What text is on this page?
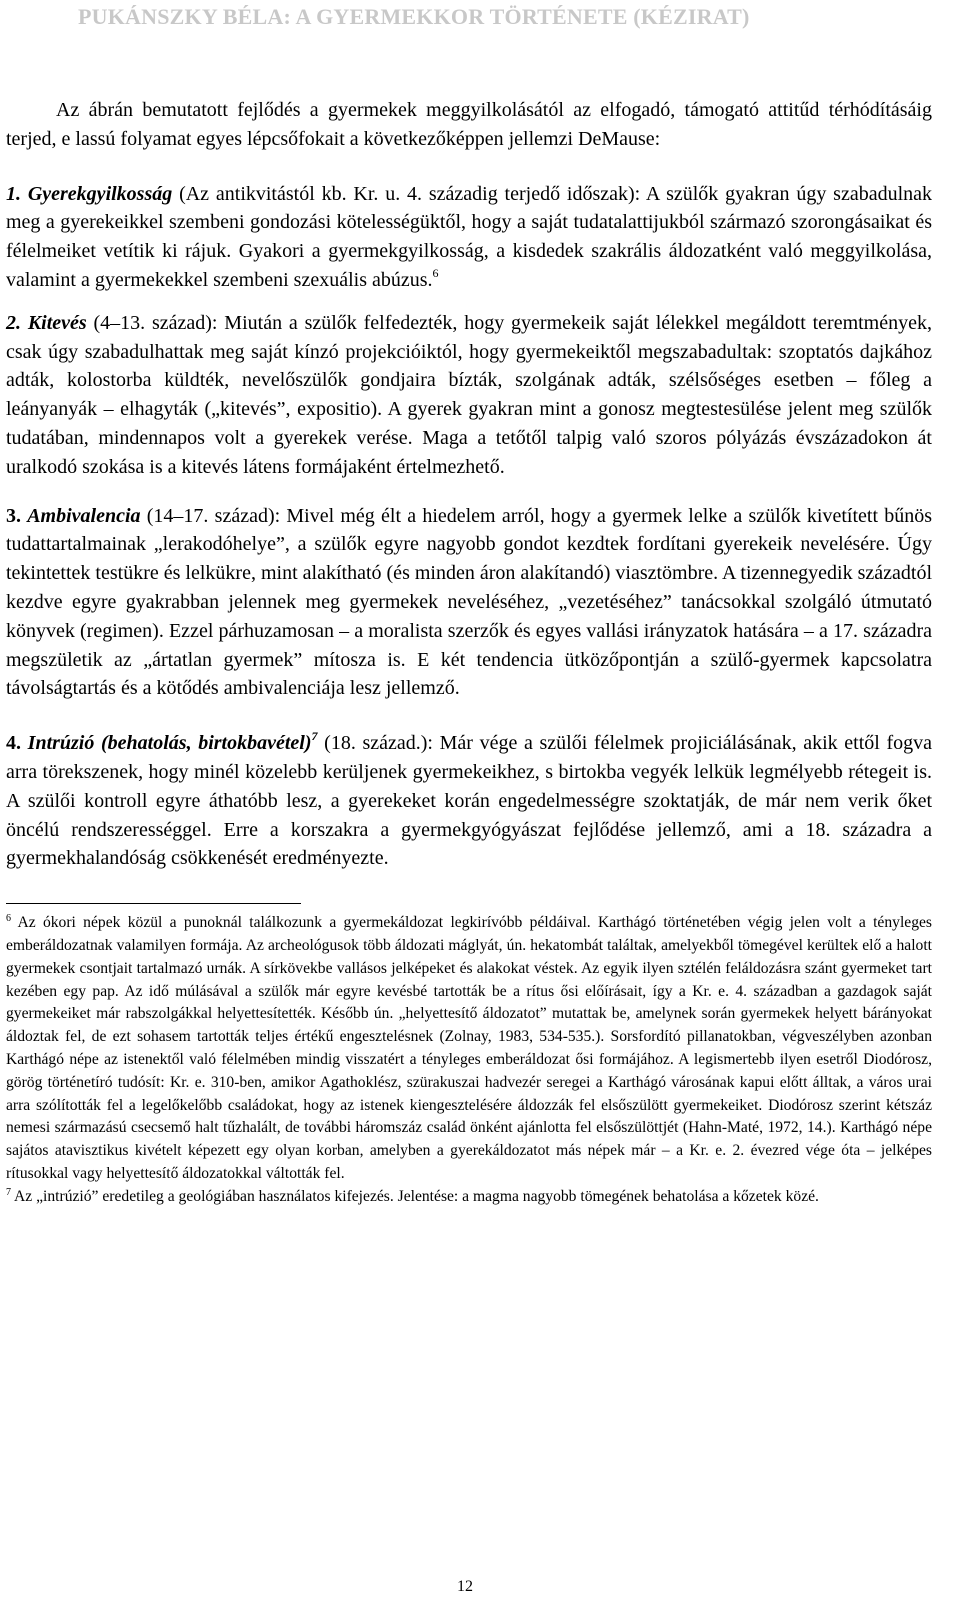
PUKÁNSZKY BÉLA: A GYERMEKKOR TÖRTÉNETE (KÉZIRAT)

Az ábrán bemutatott fejlődés a gyermekek meggyilkolásától az elfogadó, támogató attitűd térhódításáig terjed, e lassú folyamat egyes lépcsőfokait a következőképpen jellemzi DeMause:

1. Gyerekgyilkosság (Az antikvitástól kb. Kr. u. 4. századig terjedő időszak): A szülők gyakran úgy szabadulnak meg a gyerekeikkel szembeni gondozási kötelességüktől, hogy a saját tudatalattijukból származó szorongásaikat és félelmeiket vetítik ki rájuk. Gyakori a gyermekgyilkosság, a kisdedek szakrális áldozatként való meggyilkolása, valamint a gyermekekkel szembeni szexuális abúzus.$^6$

2. Kitevés (4–13. század): Miután a szülők felfedezték, hogy gyermekeik saját lélekkel megáldott teremtmények, csak úgy szabadulhattak meg saját kínzó projekcióiktól, hogy gyermekeiktől megszabadultak: szoptatós dajkához adták, kolostorba küldték, nevelőszülők gondjaira bízták, szolgának adták, szélsőséges esetben – főleg a leányanyák – elhagyták („kitevés”, expositio). A gyerek gyakran mint a gonosz megtestesülése jelent meg szülők tudatában, mindennapos volt a gyerekek verése. Maga a tetőtől talpig való szoros pólyázás évszázadokon át uralkodó szokása is a kitevés látens formájaként értelmezhető.

3. Ambivalencia (14–17. század): Mivel még élt a hiedelem arról, hogy a gyermek lelke a szülők kivetített bűnös tudattartalmainak „lerakodóhelye”, a szülők egyre nagyobb gondot kezdtek fordítani gyerekeik nevelésére. Úgy tekintettek testükre és lelkükre, mint alakítható (és minden áron alakítandó) viasztömbre. A tizennegyedik századtól kezdve egyre gyakrabban jelennek meg gyermekek neveléséhez, „vezetéséhez” tanácsokkal szolgáló útmutató könyvek (regimen). Ezzel párhuzamosan – a moralista szerzők és egyes vallási irányzatok hatására – a 17. századra megszületik az „ártatlan gyermek” mítosza is. E két tendencia ütközőpontján a szülő-gyermek kapcsolatra távolságtartás és a kötődés ambivalenciája lesz jellemző.

4. Intrúzió (behatolás, birtokbavétel)$^7$ (18. század.): Már vége a szülői félelmek projiciálásának, akik ettől fogva arra törekszenek, hogy minél közelebb kerüljenek gyermekeikhez, s birtokba vegyék lelkük legmélyebb rétegeit is. A szülői kontroll egyre áthatóbb lesz, a gyerekeket korán engedelmességre szoktatják, de már nem verik őket öncélú rendszerességgel. Erre a korszakra a gyermekgyógyászat fejlődése jellemző, ami a 18. századra a gyermekhalandóság csökkenését eredményezte.

$^6$ Az ókori népek közül a punoknál találkozunk a gyermekáldozat legkirívóbb példáival. Karthágó történetében végig jelen volt a tényleges emberáldozatnak valamilyen formája. Az archeológusok több áldozati máglyát, ún. hekatombát találtak, amelyekből tömegével kerültek elő a halott gyermekek csontjait tartalmazó urnák. A sírkövekbe vallásos jelképeket és alakokat véstek. Az egyik ilyen sztélén feláldozásra szánt gyermeket tart kezében egy pap. Az idő múlásával a szülők már egyre kevésbé tartották be a rítus ősi előírásait, így a Kr. e. 4. században a gazdagok saját gyermekeiket már rabszolgákkal helyettesítették. Később ún. „helyettesítő áldozatot” mutattak be, amelynek során gyermekek helyett bárányokat áldoztak fel, de ezt sohasem tartották teljes értékű engesztelésnek (Zolnay, 1983, 534-535.). Sorsfordító pillanatokban, végveszélyben azonban Karthágó népe az istenektől való félelmében mindig visszatért a tényleges emberáldozat ősi formájához. A legismertebb ilyen esetről Diodórosz, görög történetíró tudósít: Kr. e. 310-ben, amikor Agathoklész, szürakuszai hadvezér seregei a Karthágó városának kapui előtt álltak, a város urai arra szólították fel a legelőkelőbb családokat, hogy az istenek kiengesztelésére áldozzák fel elsőszülött gyermekeiket. Diodórosz szerint kétszáz nemesi származású csecsemő halt tűzhalált, de további háromszáz család önként ajánlotta fel elsőszülöttjét (Hahn-Maté, 1972, 14.). Karthágó népe sajátos atavisztikus kivételt képezett egy olyan korban, amelyben a gyerekáldozatot más népek már – a Kr. e. 2. évezred vége óta – jelképes rítusokkal vagy helyettesítő áldozatokkal váltották fel.

$^7$ Az „intrúzió” eredetileg a geológiában használatos kifejezés. Jelentése: a magma nagyobb tömegének behatolása a kőzetek közé.

12
